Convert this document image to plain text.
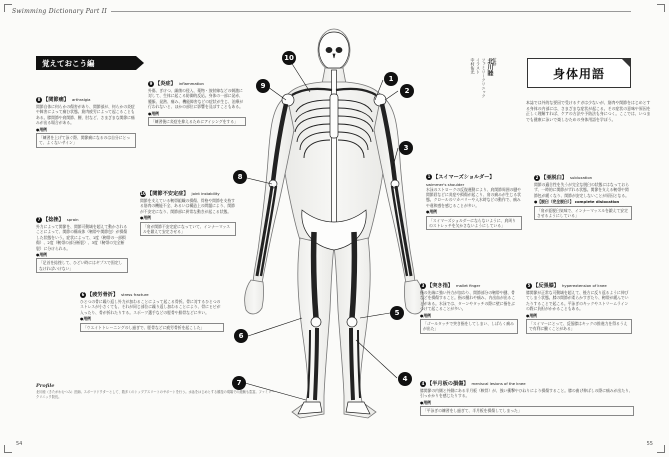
Swimming Dictionary Part II
覚えておこう編
1
2
3
4
5
6
7
8
9
10	監修
北川睦
ファミリークリニック
イラスト
中村佑光	身体用語
本誌では外的な要因で受けるケガは少ないが、筋肉や関節をはじめとする身体の内部には、さまざまな症状が起こる。その症状の意味や原因を正しく理解すれば、ケアの方法や予防法も身につく。ここでは、いつまでも健康に泳いで楽しむための身体用語を学ぼう。
8 【関節痛】 arthralgia
関節自体に何らかの傷害があり、関節部が、何らかの炎症や障害によって痛む状態。筋肉疲労によって起こることもある。膝関節や肩関節、腰、肘など、さまざまな関節に痛みが出る場合がある。
●用例
「練習を上げて泳ぐ際、関節痛になるのは自分にとって、よくないサイン」
9 【炎症】 inflammation
外傷、ぎけつ、細菌の侵入、薬物・放射線などの刺激に対して、生体に起こる防御的反応。身体の一部に発赤、腫脹、発熱、痛み、機能障害などの症状が生じ、治療が行われないと、ほかの部位に影響を及ぼすこともある。
●用例
「練習後に炎症を抑えるためにアイシングをする」
7 【捻挫】 sprain
外力によって関節を、関節可動域を超えて動かされることによって、関節の構成体（靭帯や関節包）が損傷した状態をいう。症状によって、1度（靭帯の一部損傷）、2度（靭帯の部分断裂）、3度（靭帯の完全断裂）に分けられる。
●用例
「足首を捻挫して、ひどい時にはギプスで固定しなければいけない」
10【関節不安定症】 joint instability
関節を支えている靭帯組織の損傷、骨格や関節を支持する筋肉の機能不全、あるいは構造上の問題により、関節が不安定になり、関節部に異常な動きが起こる状態。
●用例
「肩が関節不安定症になっていて、インナーマッスルを鍛えて安定させる」
6 【疲労骨折】 stress fracture
ひとつの骨に繰り返し外力が加わることによって起こる骨折。骨に対するひとつのストレスが小さくても、それが同じ部位に繰り返し加わることにより、骨にヒビが入ったり、骨が折れたりする。スポーツ選手などの脛骨や腓骨などに多い。
●用例
「ウエイトトレーニングのし過ぎで、脛骨などに疲労骨折を起こした」
1 【スイマーズショルダー】
swimmer's shoulder
水泳のストロークの反復運動により、肩関節周囲の腱や関節唇などに炎症や損傷が起こり、肩の痛みが生じる状態。クロールのリカバリーや入水時などの動作で、痛みや違和感を感じることが多い。
●用例
「スイマーズショルダーにならないように、肩周りのストレッチを欠かさないようにしている」
2 【亜脱臼】 subluxation
関節の適合性を失うが完全な脱臼の状態にはなっておらず、一時的に関節がずれる状態。関節を支える靭帯や関節包が緩くなり、関節が安定しないことが原因となる。
●【脱臼（完全脱臼）】 complete dislocation
「肩が亜脱臼気味で、インナーマッスルを鍛えて安定させるようにしている」
3 【突き指】 mallet finger
指の先端に強い外力が加わり、関節部分の靭帯や腱、骨などを損傷すること。指の腫れや痛み、内出血が出ることがある。水泳では、ターンやタッチの際に壁に指をぶつけて起こることが多い。
●用例
「ゴールタッチで突き指をしてしまい、しばらく痛みが出た」
5 【反張膝】 hyperextension of knee
膝関節が正常な可動域を超えて、後方に反り返るように伸びてしまう状態。膝の関節が柔らかすぎたり、靭帯が緩んでいたりすることで起こる。平泳ぎのキックやストリームラインの際に負担がかかることもある。
●用例
「スイマーにとって、反張膝はキックの推進力を得るうえで有利に働くことがある」
4 【半月板の損傷】 meniscal lesions of the knee
膝関節の内側と外側にある半月板（軟骨）が、強い衝撃やひねりにより損傷すること。膝の曲げ伸ばしの際に痛みが出たり、引っかかりを感じたりする。
●用例
「平泳ぎの練習をし過ぎて、半月板を損傷してしまった」
Profile
北川睦（きたがわむつみ）医師。スポーツドクターとして、数多くのトップアスリートのサポートを行う。水泳をはじめとする競技の現場での経験も豊富。ファミリークリニック院長。
54	55
